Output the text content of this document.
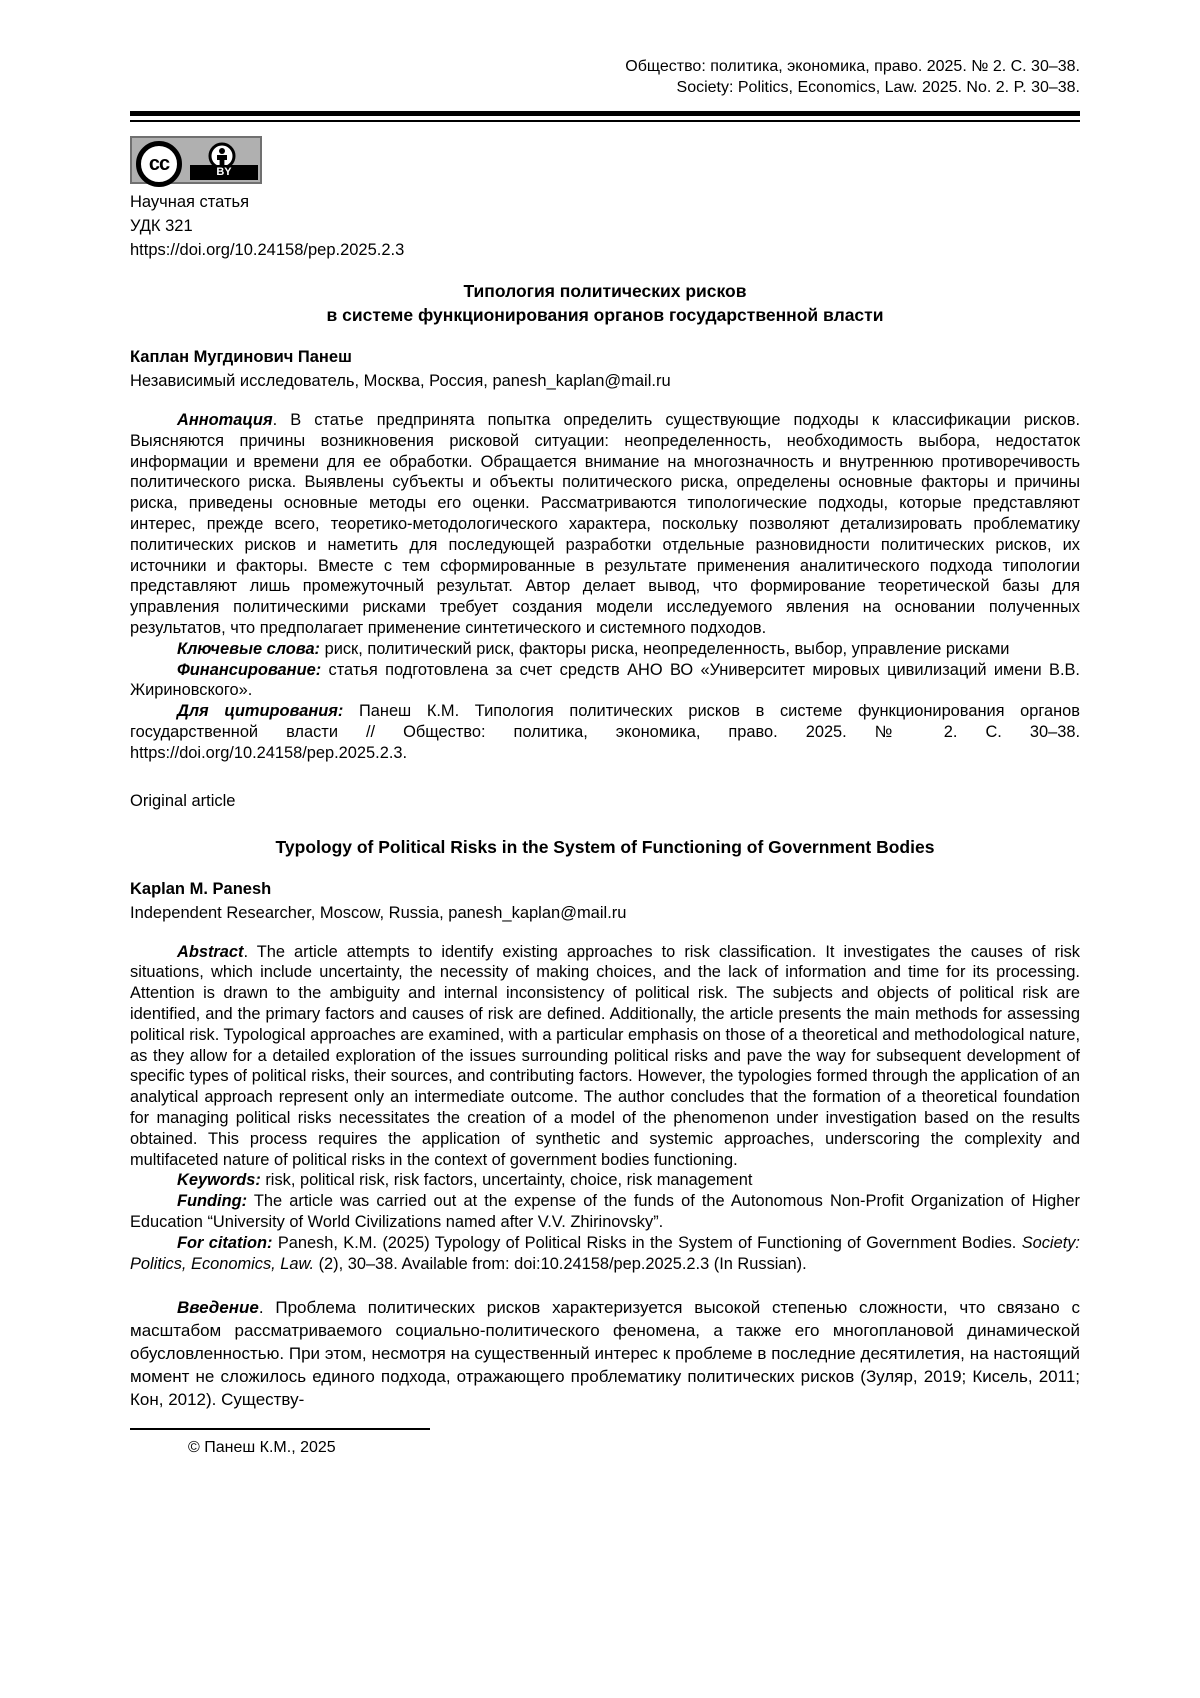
Общество: политика, экономика, право. 2025. № 2. С. 30–38.
Society: Politics, Economics, Law. 2025. No. 2. P. 30–38.
cc	BY
Научная статья
УДК 321
https://doi.org/10.24158/pep.2025.2.3
Типология политических рисков
в системе функционирования органов государственной власти
Каплан Мугдинович Панеш
Независимый исследователь, Москва, Россия, panesh_kaplan@mail.ru

Аннотация. В статье предпринята попытка определить существующие подходы к классификации рисков. Выясняются причины возникновения рисковой ситуации: неопределенность, необходимость выбора, недостаток информации и времени для ее обработки. Обращается внимание на многозначность и внутреннюю противоречивость политического риска. Выявлены субъекты и объекты политического риска, определены основные факторы и причины риска, приведены основные методы его оценки. Рассматриваются типологические подходы, которые представляют интерес, прежде всего, теоретико-методологического характера, поскольку позволяют детализировать проблематику политических рисков и наметить для последующей разработки отдельные разновидности политических рисков, их источники и факторы. Вместе с тем сформированные в результате применения аналитического подхода типологии представляют лишь промежуточный результат. Автор делает вывод, что формирование теоретической базы для управления политическими рисками требует создания модели исследуемого явления на основании полученных результатов, что предполагает применение синтетического и системного подходов.

Ключевые слова: риск, политический риск, факторы риска, неопределенность, выбор, управление рисками

Финансирование: статья подготовлена за счет средств АНО ВО «Университет мировых цивилизаций имени В.В. Жириновского».

Для цитирования: Панеш К.М. Типология политических рисков в системе функционирования органов государственной власти // Общество: политика, экономика, право. 2025. № 2. С. 30–38. https://doi.org/10.24158/pep.2025.2.3.

Original article
Typology of Political Risks in the System of Functioning of Government Bodies
Kaplan M. Panesh
Independent Researcher, Moscow, Russia, panesh_kaplan@mail.ru

Abstract. The article attempts to identify existing approaches to risk classification. It investigates the causes of risk situations, which include uncertainty, the necessity of making choices, and the lack of information and time for its processing. Attention is drawn to the ambiguity and internal inconsistency of political risk. The subjects and objects of political risk are identified, and the primary factors and causes of risk are defined. Additionally, the article presents the main methods for assessing political risk. Typological approaches are examined, with a particular emphasis on those of a theoretical and methodological nature, as they allow for a detailed exploration of the issues surrounding political risks and pave the way for subsequent development of specific types of political risks, their sources, and contributing factors. However, the typologies formed through the application of an analytical approach represent only an intermediate outcome. The author concludes that the formation of a theoretical foundation for managing political risks necessitates the creation of a model of the phenomenon under investigation based on the results obtained. This process requires the application of synthetic and systemic approaches, underscoring the complexity and multifaceted nature of political risks in the context of government bodies functioning.

Keywords: risk, political risk, risk factors, uncertainty, choice, risk management

Funding: The article was carried out at the expense of the funds of the Autonomous Non-Profit Organization of Higher Education “University of World Civilizations named after V.V. Zhirinovsky”.

For citation: Panesh, K.M. (2025) Typology of Political Risks in the System of Functioning of Government Bodies. Society: Politics, Economics, Law. (2), 30–38. Available from: doi:10.24158/pep.2025.2.3 (In Russian).

Введение. Проблема политических рисков характеризуется высокой степенью сложности, что связано с масштабом рассматриваемого социально-политического феномена, а также его многоплановой динамической обусловленностью. При этом, несмотря на существенный интерес к проблеме в последние десятилетия, на настоящий момент не сложилось единого подхода, отражающего проблематику политических рисков (Зуляр, 2019; Кисель, 2011; Кон, 2012). Существу-

© Панеш К.М., 2025
